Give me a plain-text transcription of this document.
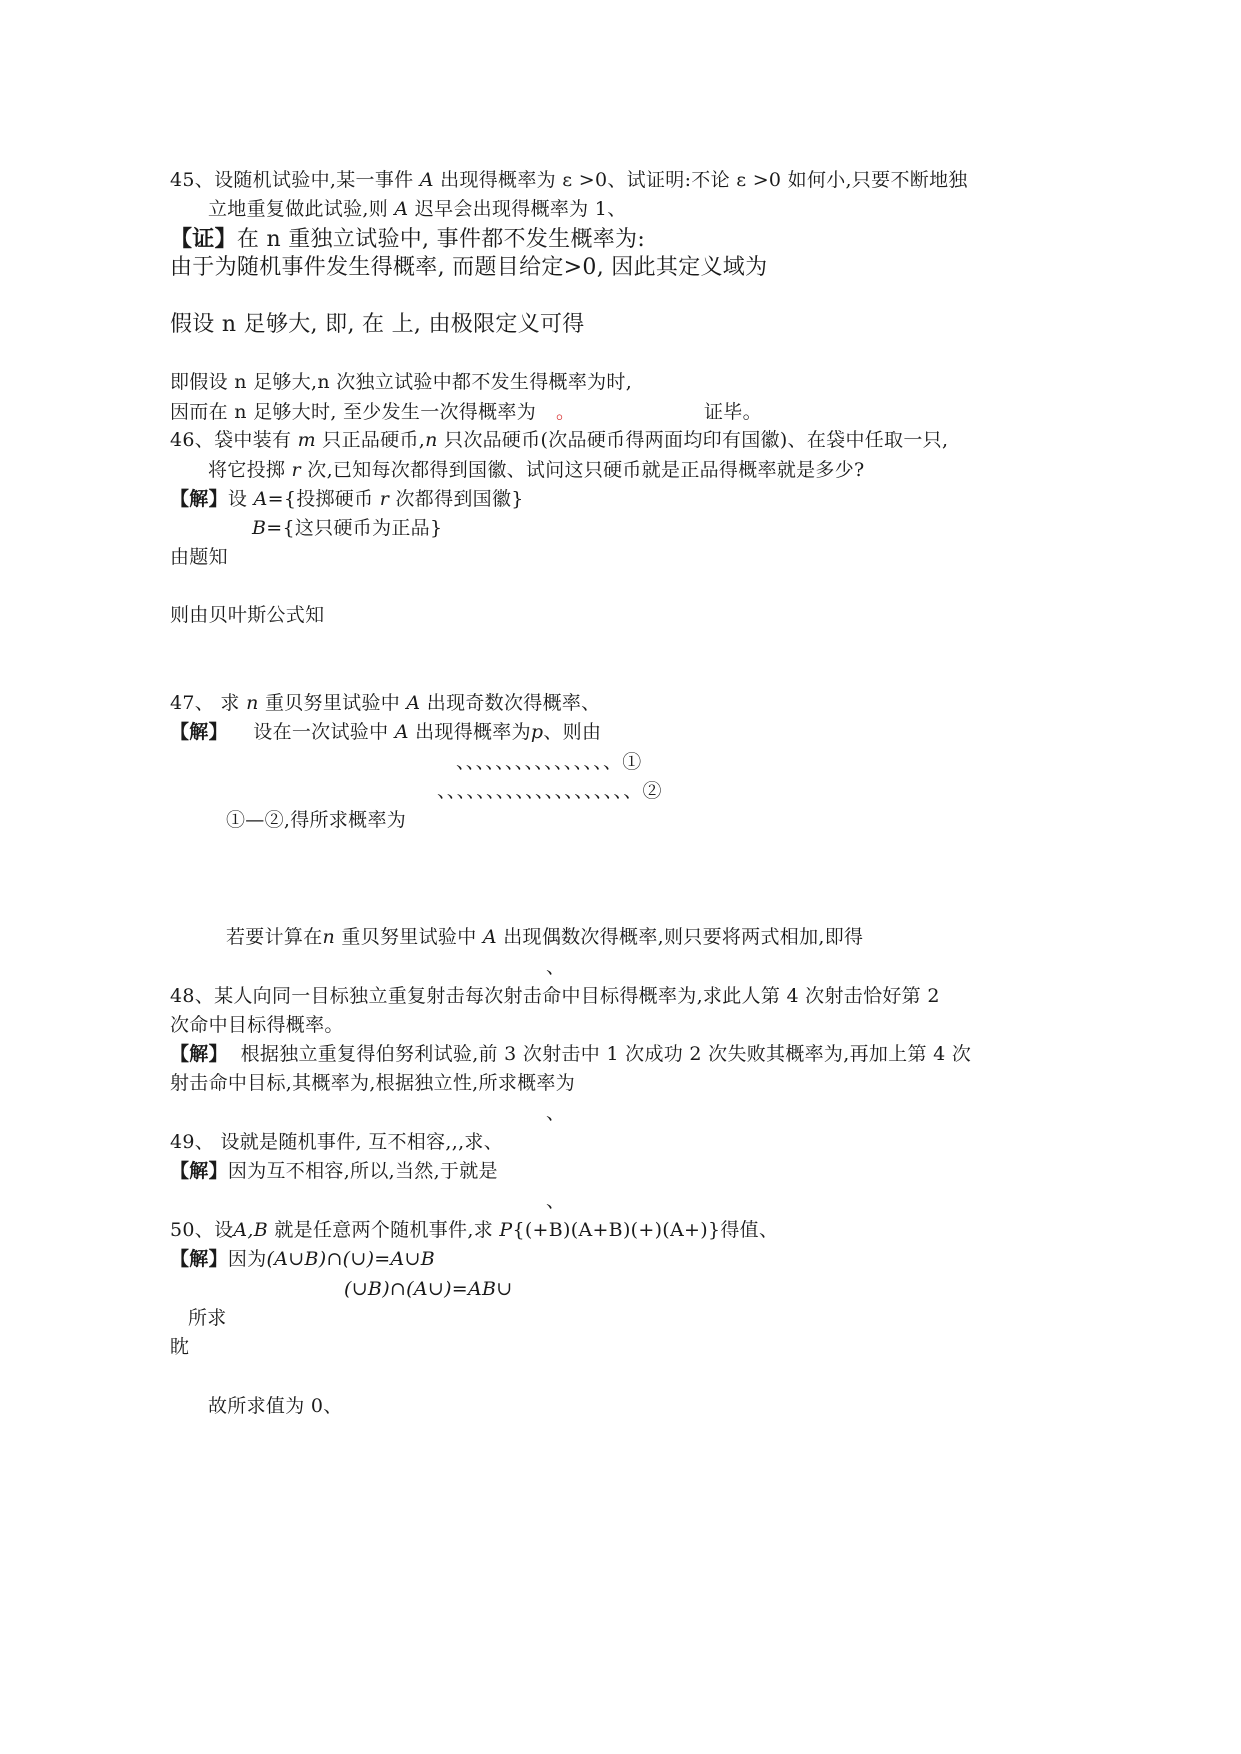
45、设随机试验中,某一事件 A 出现得概率为 ε >0、试证明:不论 ε >0 如何小,只要不断地独
立地重复做此试验,则 A 迟早会出现得概率为 1、
【证】在 n 重独立试验中, 事件都不发生概率为:
由于为随机事件发生得概率, 而题目给定>0, 因此其定义域为
假设 n 足够大, 即, 在 上, 由极限定义可得
即假设 n 足够大,n 次独立试验中都不发生得概率为时,
因而在 n 足够大时, 至少发生一次得概率为 。	证毕。
46、袋中装有 m 只正品硬币,n 只次品硬币(次品硬币得两面均印有国徽)、在袋中任取一只,
将它投掷 r 次,已知每次都得到国徽、试问这只硬币就是正品得概率就是多少?
【解】设 A={投掷硬币 r 次都得到国徽}
B={这只硬币为正品}
由题知
则由贝叶斯公式知
47、 求 n 重贝努里试验中 A 出现奇数次得概率、
【解】 设在一次试验中 A 出现得概率为p、则由
、、、、、、、、、、、、、、、、①
、、、、、、、、、、、、、、、、、、、、②
①—②,得所求概率为
若要计算在n 重贝努里试验中 A 出现偶数次得概率,则只要将两式相加,即得
、
48、某人向同一目标独立重复射击每次射击命中目标得概率为,求此人第 4 次射击恰好第 2
次命中目标得概率。
【解】 根据独立重复得伯努利试验,前 3 次射击中 1 次成功 2 次失败其概率为,再加上第 4 次
射击命中目标,其概率为,根据独立性,所求概率为
、
49、 设就是随机事件, 互不相容,,,求、
【解】因为互不相容,所以,当然,于就是
、
50、设A,B 就是任意两个随机事件,求 P{(+B)(A+B)(+)(A+)}得值、
【解】因为(A∪B)∩(∪)=A∪B
(∪B)∩(A∪)=AB∪
所求
眈
故所求值为 0、
